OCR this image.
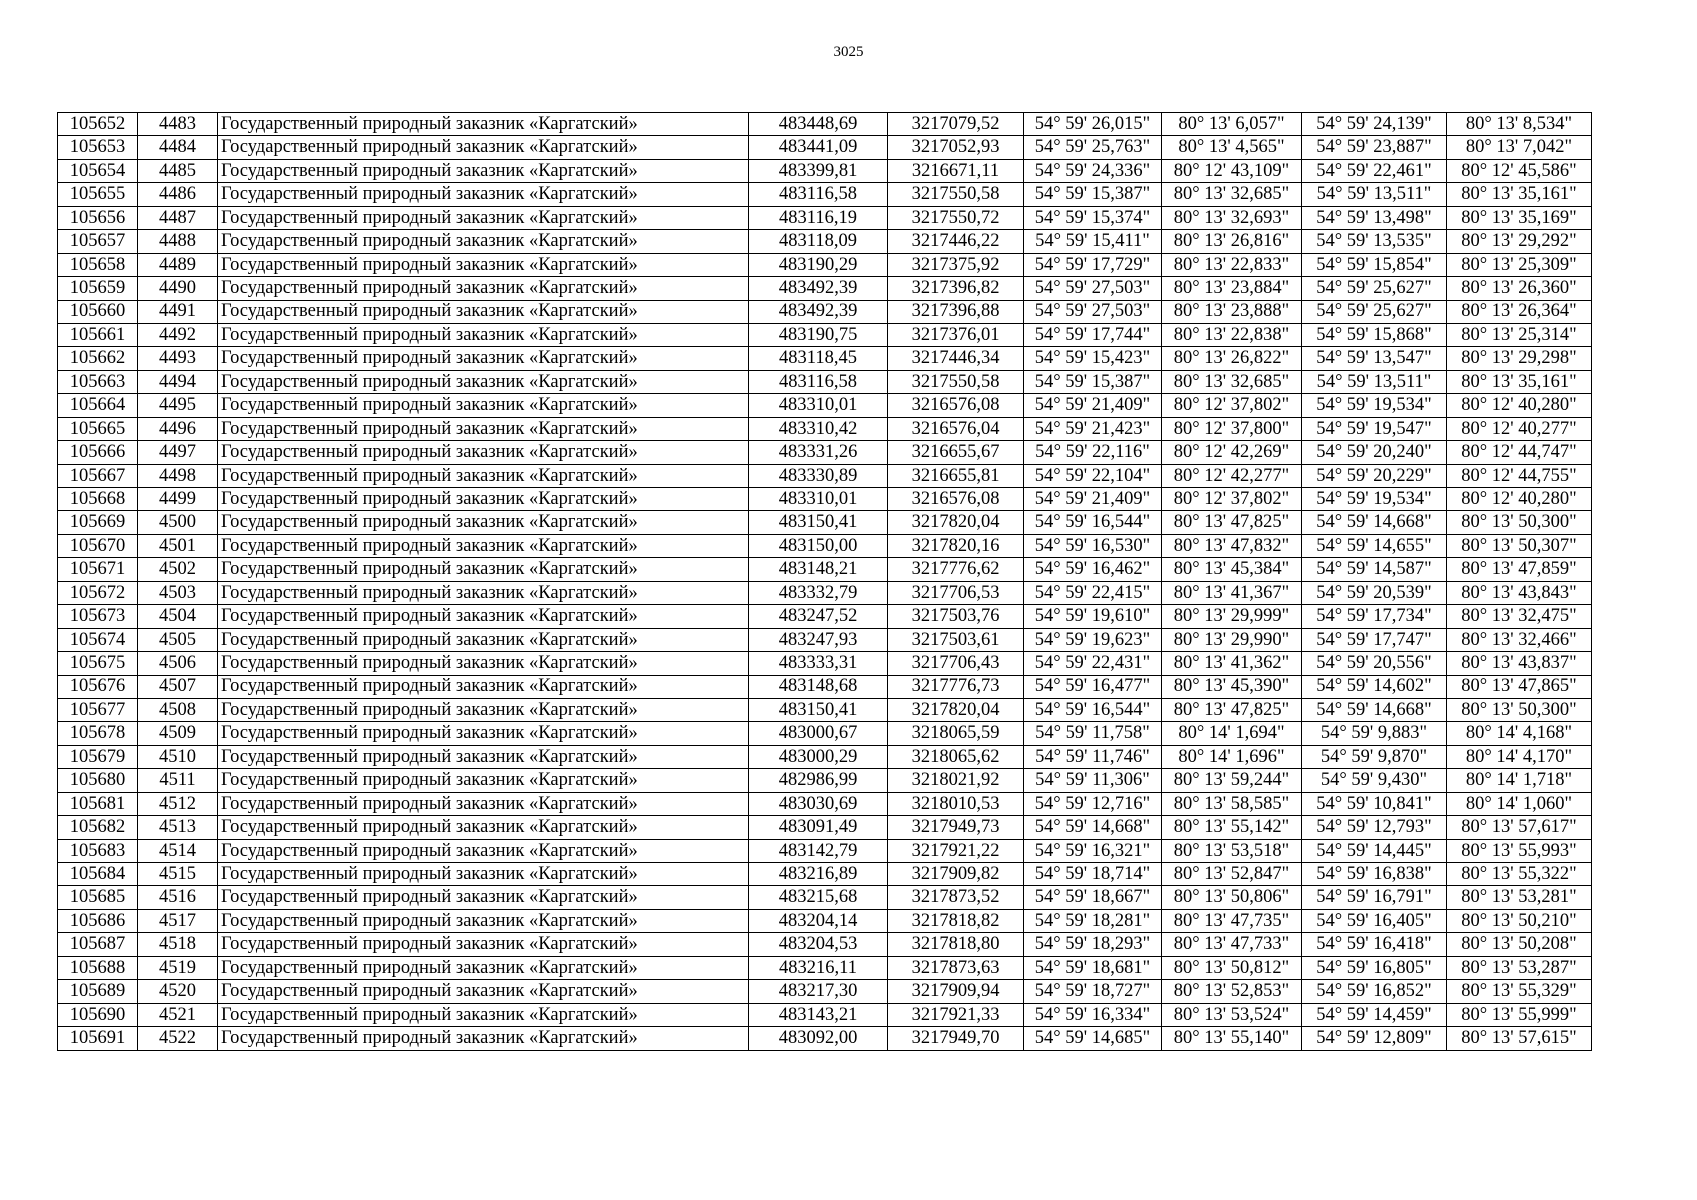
3025
105652	4483	Государственный природный заказник «Каргатский»	483448,69	3217079,52	54° 59' 26,015"	80° 13' 6,057"	54° 59' 24,139"	80° 13' 8,534"
105653	4484	Государственный природный заказник «Каргатский»	483441,09	3217052,93	54° 59' 25,763"	80° 13' 4,565"	54° 59' 23,887"	80° 13' 7,042"
105654	4485	Государственный природный заказник «Каргатский»	483399,81	3216671,11	54° 59' 24,336"	80° 12' 43,109"	54° 59' 22,461"	80° 12' 45,586"
105655	4486	Государственный природный заказник «Каргатский»	483116,58	3217550,58	54° 59' 15,387"	80° 13' 32,685"	54° 59' 13,511"	80° 13' 35,161"
105656	4487	Государственный природный заказник «Каргатский»	483116,19	3217550,72	54° 59' 15,374"	80° 13' 32,693"	54° 59' 13,498"	80° 13' 35,169"
105657	4488	Государственный природный заказник «Каргатский»	483118,09	3217446,22	54° 59' 15,411"	80° 13' 26,816"	54° 59' 13,535"	80° 13' 29,292"
105658	4489	Государственный природный заказник «Каргатский»	483190,29	3217375,92	54° 59' 17,729"	80° 13' 22,833"	54° 59' 15,854"	80° 13' 25,309"
105659	4490	Государственный природный заказник «Каргатский»	483492,39	3217396,82	54° 59' 27,503"	80° 13' 23,884"	54° 59' 25,627"	80° 13' 26,360"
105660	4491	Государственный природный заказник «Каргатский»	483492,39	3217396,88	54° 59' 27,503"	80° 13' 23,888"	54° 59' 25,627"	80° 13' 26,364"
105661	4492	Государственный природный заказник «Каргатский»	483190,75	3217376,01	54° 59' 17,744"	80° 13' 22,838"	54° 59' 15,868"	80° 13' 25,314"
105662	4493	Государственный природный заказник «Каргатский»	483118,45	3217446,34	54° 59' 15,423"	80° 13' 26,822"	54° 59' 13,547"	80° 13' 29,298"
105663	4494	Государственный природный заказник «Каргатский»	483116,58	3217550,58	54° 59' 15,387"	80° 13' 32,685"	54° 59' 13,511"	80° 13' 35,161"
105664	4495	Государственный природный заказник «Каргатский»	483310,01	3216576,08	54° 59' 21,409"	80° 12' 37,802"	54° 59' 19,534"	80° 12' 40,280"
105665	4496	Государственный природный заказник «Каргатский»	483310,42	3216576,04	54° 59' 21,423"	80° 12' 37,800"	54° 59' 19,547"	80° 12' 40,277"
105666	4497	Государственный природный заказник «Каргатский»	483331,26	3216655,67	54° 59' 22,116"	80° 12' 42,269"	54° 59' 20,240"	80° 12' 44,747"
105667	4498	Государственный природный заказник «Каргатский»	483330,89	3216655,81	54° 59' 22,104"	80° 12' 42,277"	54° 59' 20,229"	80° 12' 44,755"
105668	4499	Государственный природный заказник «Каргатский»	483310,01	3216576,08	54° 59' 21,409"	80° 12' 37,802"	54° 59' 19,534"	80° 12' 40,280"
105669	4500	Государственный природный заказник «Каргатский»	483150,41	3217820,04	54° 59' 16,544"	80° 13' 47,825"	54° 59' 14,668"	80° 13' 50,300"
105670	4501	Государственный природный заказник «Каргатский»	483150,00	3217820,16	54° 59' 16,530"	80° 13' 47,832"	54° 59' 14,655"	80° 13' 50,307"
105671	4502	Государственный природный заказник «Каргатский»	483148,21	3217776,62	54° 59' 16,462"	80° 13' 45,384"	54° 59' 14,587"	80° 13' 47,859"
105672	4503	Государственный природный заказник «Каргатский»	483332,79	3217706,53	54° 59' 22,415"	80° 13' 41,367"	54° 59' 20,539"	80° 13' 43,843"
105673	4504	Государственный природный заказник «Каргатский»	483247,52	3217503,76	54° 59' 19,610"	80° 13' 29,999"	54° 59' 17,734"	80° 13' 32,475"
105674	4505	Государственный природный заказник «Каргатский»	483247,93	3217503,61	54° 59' 19,623"	80° 13' 29,990"	54° 59' 17,747"	80° 13' 32,466"
105675	4506	Государственный природный заказник «Каргатский»	483333,31	3217706,43	54° 59' 22,431"	80° 13' 41,362"	54° 59' 20,556"	80° 13' 43,837"
105676	4507	Государственный природный заказник «Каргатский»	483148,68	3217776,73	54° 59' 16,477"	80° 13' 45,390"	54° 59' 14,602"	80° 13' 47,865"
105677	4508	Государственный природный заказник «Каргатский»	483150,41	3217820,04	54° 59' 16,544"	80° 13' 47,825"	54° 59' 14,668"	80° 13' 50,300"
105678	4509	Государственный природный заказник «Каргатский»	483000,67	3218065,59	54° 59' 11,758"	80° 14' 1,694"	54° 59' 9,883"	80° 14' 4,168"
105679	4510	Государственный природный заказник «Каргатский»	483000,29	3218065,62	54° 59' 11,746"	80° 14' 1,696"	54° 59' 9,870"	80° 14' 4,170"
105680	4511	Государственный природный заказник «Каргатский»	482986,99	3218021,92	54° 59' 11,306"	80° 13' 59,244"	54° 59' 9,430"	80° 14' 1,718"
105681	4512	Государственный природный заказник «Каргатский»	483030,69	3218010,53	54° 59' 12,716"	80° 13' 58,585"	54° 59' 10,841"	80° 14' 1,060"
105682	4513	Государственный природный заказник «Каргатский»	483091,49	3217949,73	54° 59' 14,668"	80° 13' 55,142"	54° 59' 12,793"	80° 13' 57,617"
105683	4514	Государственный природный заказник «Каргатский»	483142,79	3217921,22	54° 59' 16,321"	80° 13' 53,518"	54° 59' 14,445"	80° 13' 55,993"
105684	4515	Государственный природный заказник «Каргатский»	483216,89	3217909,82	54° 59' 18,714"	80° 13' 52,847"	54° 59' 16,838"	80° 13' 55,322"
105685	4516	Государственный природный заказник «Каргатский»	483215,68	3217873,52	54° 59' 18,667"	80° 13' 50,806"	54° 59' 16,791"	80° 13' 53,281"
105686	4517	Государственный природный заказник «Каргатский»	483204,14	3217818,82	54° 59' 18,281"	80° 13' 47,735"	54° 59' 16,405"	80° 13' 50,210"
105687	4518	Государственный природный заказник «Каргатский»	483204,53	3217818,80	54° 59' 18,293"	80° 13' 47,733"	54° 59' 16,418"	80° 13' 50,208"
105688	4519	Государственный природный заказник «Каргатский»	483216,11	3217873,63	54° 59' 18,681"	80° 13' 50,812"	54° 59' 16,805"	80° 13' 53,287"
105689	4520	Государственный природный заказник «Каргатский»	483217,30	3217909,94	54° 59' 18,727"	80° 13' 52,853"	54° 59' 16,852"	80° 13' 55,329"
105690	4521	Государственный природный заказник «Каргатский»	483143,21	3217921,33	54° 59' 16,334"	80° 13' 53,524"	54° 59' 14,459"	80° 13' 55,999"
105691	4522	Государственный природный заказник «Каргатский»	483092,00	3217949,70	54° 59' 14,685"	80° 13' 55,140"	54° 59' 12,809"	80° 13' 57,615"
